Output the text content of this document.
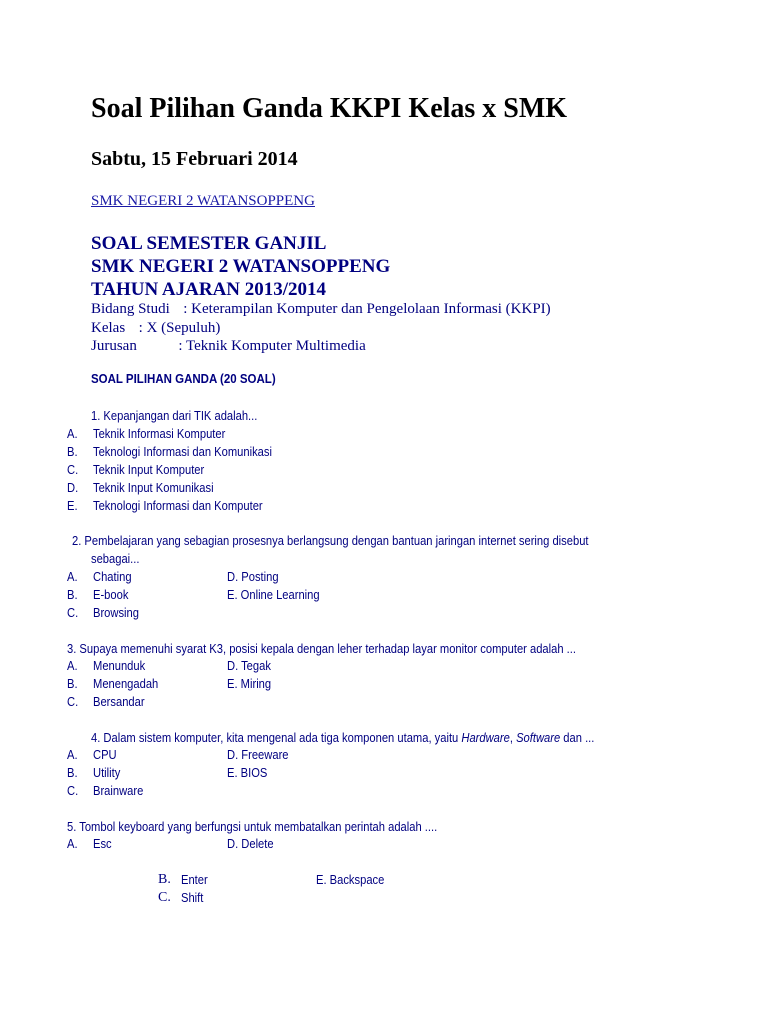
Soal Pilihan Ganda KKPI Kelas x SMK
Sabtu, 15 Februari 2014
SMK NEGERI 2 WATANSOPPENG
SOAL SEMESTER GANJIL
SMK NEGERI 2 WATANSOPPENG
TAHUN AJARAN 2013/2014
Bidang Studi : Keterampilan Komputer dan Pengelolaan Informasi (KKPI)
Kelas : X (Sepuluh)
Jurusan	: Teknik Komputer Multimedia
SOAL PILIHAN GANDA (20 SOAL)
1. Kepanjangan dari TIK adalah...
A. Teknik Informasi Komputer
B. Teknologi Informasi dan Komunikasi
C. Teknik Input Komputer
D. Teknik Input Komunikasi
E. Teknologi Informasi dan Komputer
2. Pembelajaran yang sebagian prosesnya berlangsung dengan bantuan jaringan internet sering disebut
sebagai...
A. Chating	D. Posting
B. E-book	E. Online Learning
C. Browsing
3. Supaya memenuhi syarat K3, posisi kepala dengan leher terhadap layar monitor computer adalah ...
A. Menunduk	D. Tegak
B. Menengadah	E. Miring
C. Bersandar
4. Dalam sistem komputer, kita mengenal ada tiga komponen utama, yaitu Hardware, Software dan ...
A. CPU	D. Freeware
B. Utility	E. BIOS
C. Brainware
5. Tombol keyboard yang berfungsi untuk membatalkan perintah adalah ....
A. Esc	D. Delete
B. Enter	E. Backspace
C. Shift
